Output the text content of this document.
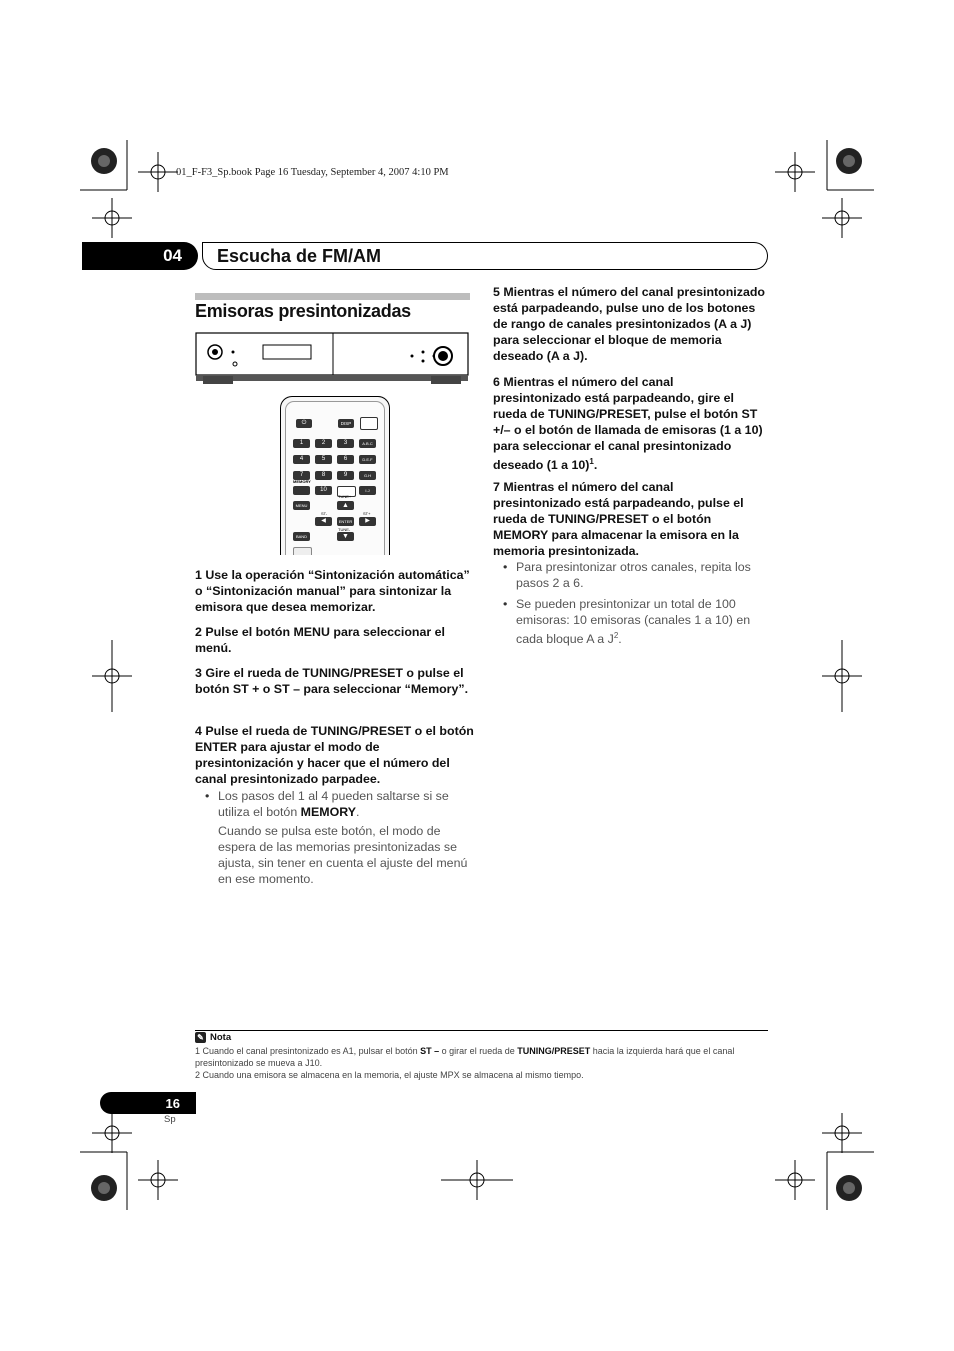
01_F-F3_Sp.book Page 16 Tuesday, September 4, 2007 4:10 PM
04	Escucha de FM/AM
Emisoras presintonizadas
⏻	DISP
1	2	3	A.B.C
4	5	6	D.E.F
7	8	9	G.H
MEMORY
10	I.J
TUNE+
MENU	▲
ST-	ST+
◀	ENTER	▶
TUNE-
BAND	▼
1 Use la operación “Sintonización automática” o “Sintonización manual” para sintonizar la emisora que desea memorizar.
2 Pulse el botón MENU para seleccionar el menú.
3 Gire el rueda de TUNING/PRESET o pulse el botón ST + o ST – para seleccionar “Memory”.
4 Pulse el rueda de TUNING/PRESET o el botón ENTER para ajustar el modo de presintonización y hacer que el número del canal presintonizado parpadee.
• Los pasos del 1 al 4 pueden saltarse si se utiliza el botón MEMORY.
Cuando se pulsa este botón, el modo de espera de las memorias presintonizadas se ajusta, sin tener en cuenta el ajuste del menú en ese momento.
5 Mientras el número del canal presintonizado está parpadeando, pulse uno de los botones de rango de canales presintonizados (A a J) para seleccionar el bloque de memoria deseado (A a J).
6 Mientras el número del canal presintonizado está parpadeando, gire el rueda de TUNING/PRESET, pulse el botón ST +/– o el botón de llamada de emisoras (1 a 10) para seleccionar el canal presintonizado deseado (1 a 10)$^1$.
7 Mientras el número del canal presintonizado está parpadeando, pulse el rueda de TUNING/PRESET o el botón MEMORY para almacenar la emisora en la memoria presintonizada.
• Para presintonizar otros canales, repita los pasos 2 a 6.
• Se pueden presintonizar un total de 100 emisoras: 10 emisoras (canales 1 a 10) en cada bloque A a $J^2$.
✎ Nota
1 Cuando el canal presintonizado es A1, pulsar el botón ST – o girar el rueda de TUNING/PRESET hacia la izquierda hará que el canal presintonizado se mueva a J10.
2 Cuando una emisora se almacena en la memoria, el ajuste MPX se almacena al mismo tiempo.
16
Sp
